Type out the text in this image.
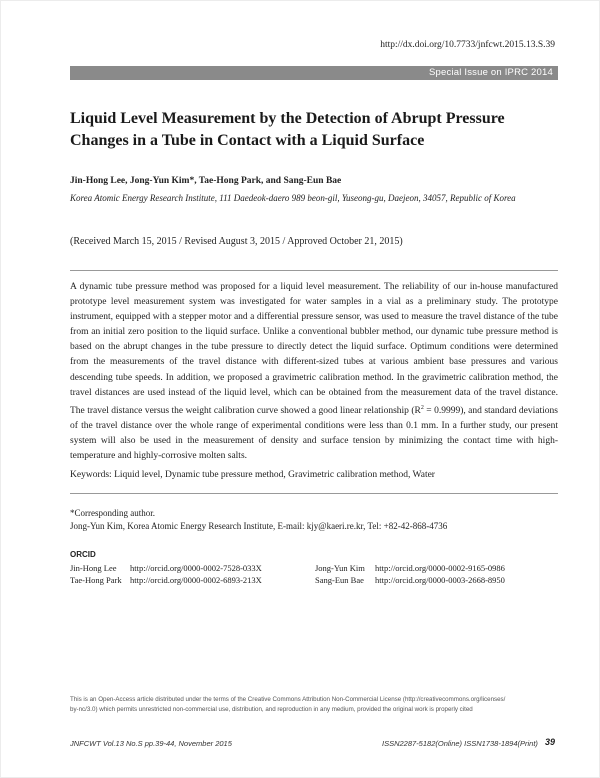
http://dx.doi.org/10.7733/jnfcwt.2015.13.S.39
Special Issue on IPRC 2014
Liquid Level Measurement by the Detection of Abrupt Pressure
Changes in a Tube in Contact with a Liquid Surface
Jin-Hong Lee, Jong-Yun Kim*, Tae-Hong Park, and Sang-Eun Bae
Korea Atomic Energy Research Institute, 111 Daedeok-daero 989 beon-gil, Yuseong-gu, Daejeon, 34057, Republic of Korea
(Received March 15, 2015 / Revised August 3, 2015 / Approved October 21, 2015)

A dynamic tube pressure method was proposed for a liquid level measurement. The reliability of our in-house manufactured prototype level measurement system was investigated for water samples in a vial as a preliminary study. The prototype instrument, equipped with a stepper motor and a differential pressure sensor, was used to measure the travel distance of the tube from an initial zero position to the liquid surface. Unlike a conventional bubbler method, our dynamic tube pressure method is based on the abrupt changes in the tube pressure to directly detect the liquid surface. Optimum conditions were determined from the measurements of the travel distance with different-sized tubes at various ambient base pressures and various descending tube speeds. In addition, we proposed a gravimetric calibration method. In the gravimetric calibration method, the travel distances are used instead of the liquid level, which can be obtained from the measurement data of the travel distance. The travel distance versus the weight calibration curve showed a good linear relationship $(R^2 = 0.9999)$, and standard deviations of the travel distance over the whole range of experimental conditions were less than 0.1 mm. In a further study, our present system will also be used in the measurement of density and surface tension by minimizing the contact time with high-temperature and highly-corrosive molten salts.

Keywords: Liquid level, Dynamic tube pressure method, Gravimetric calibration method, Water
*Corresponding author.
Jong-Yun Kim, Korea Atomic Energy Research Institute, E-mail: kjy@kaeri.re.kr, Tel: +82-42-868-4736
ORCID
Jin-Hong Lee http://orcid.org/0000-0002-7528-033X	Jong-Yun Kim http://orcid.org/0000-0002-9165-0986
Tae-Hong Park http://orcid.org/0000-0002-6893-213X	Sang-Eun Bae http://orcid.org/0000-0003-2668-8950

This is an Open-Access article distributed under the terms of the Creative Commons Attribution Non-Commercial License (http://creativecommons.org/licenses/
by-nc/3.0) which permits unrestricted non-commercial use, distribution, and reproduction in any medium, provided the original work is properly cited

JNFCWT Vol.13 No.S pp.39-44, November 2015	ISSN2287-5182(Online) ISSN1738-1894(Print) 39
